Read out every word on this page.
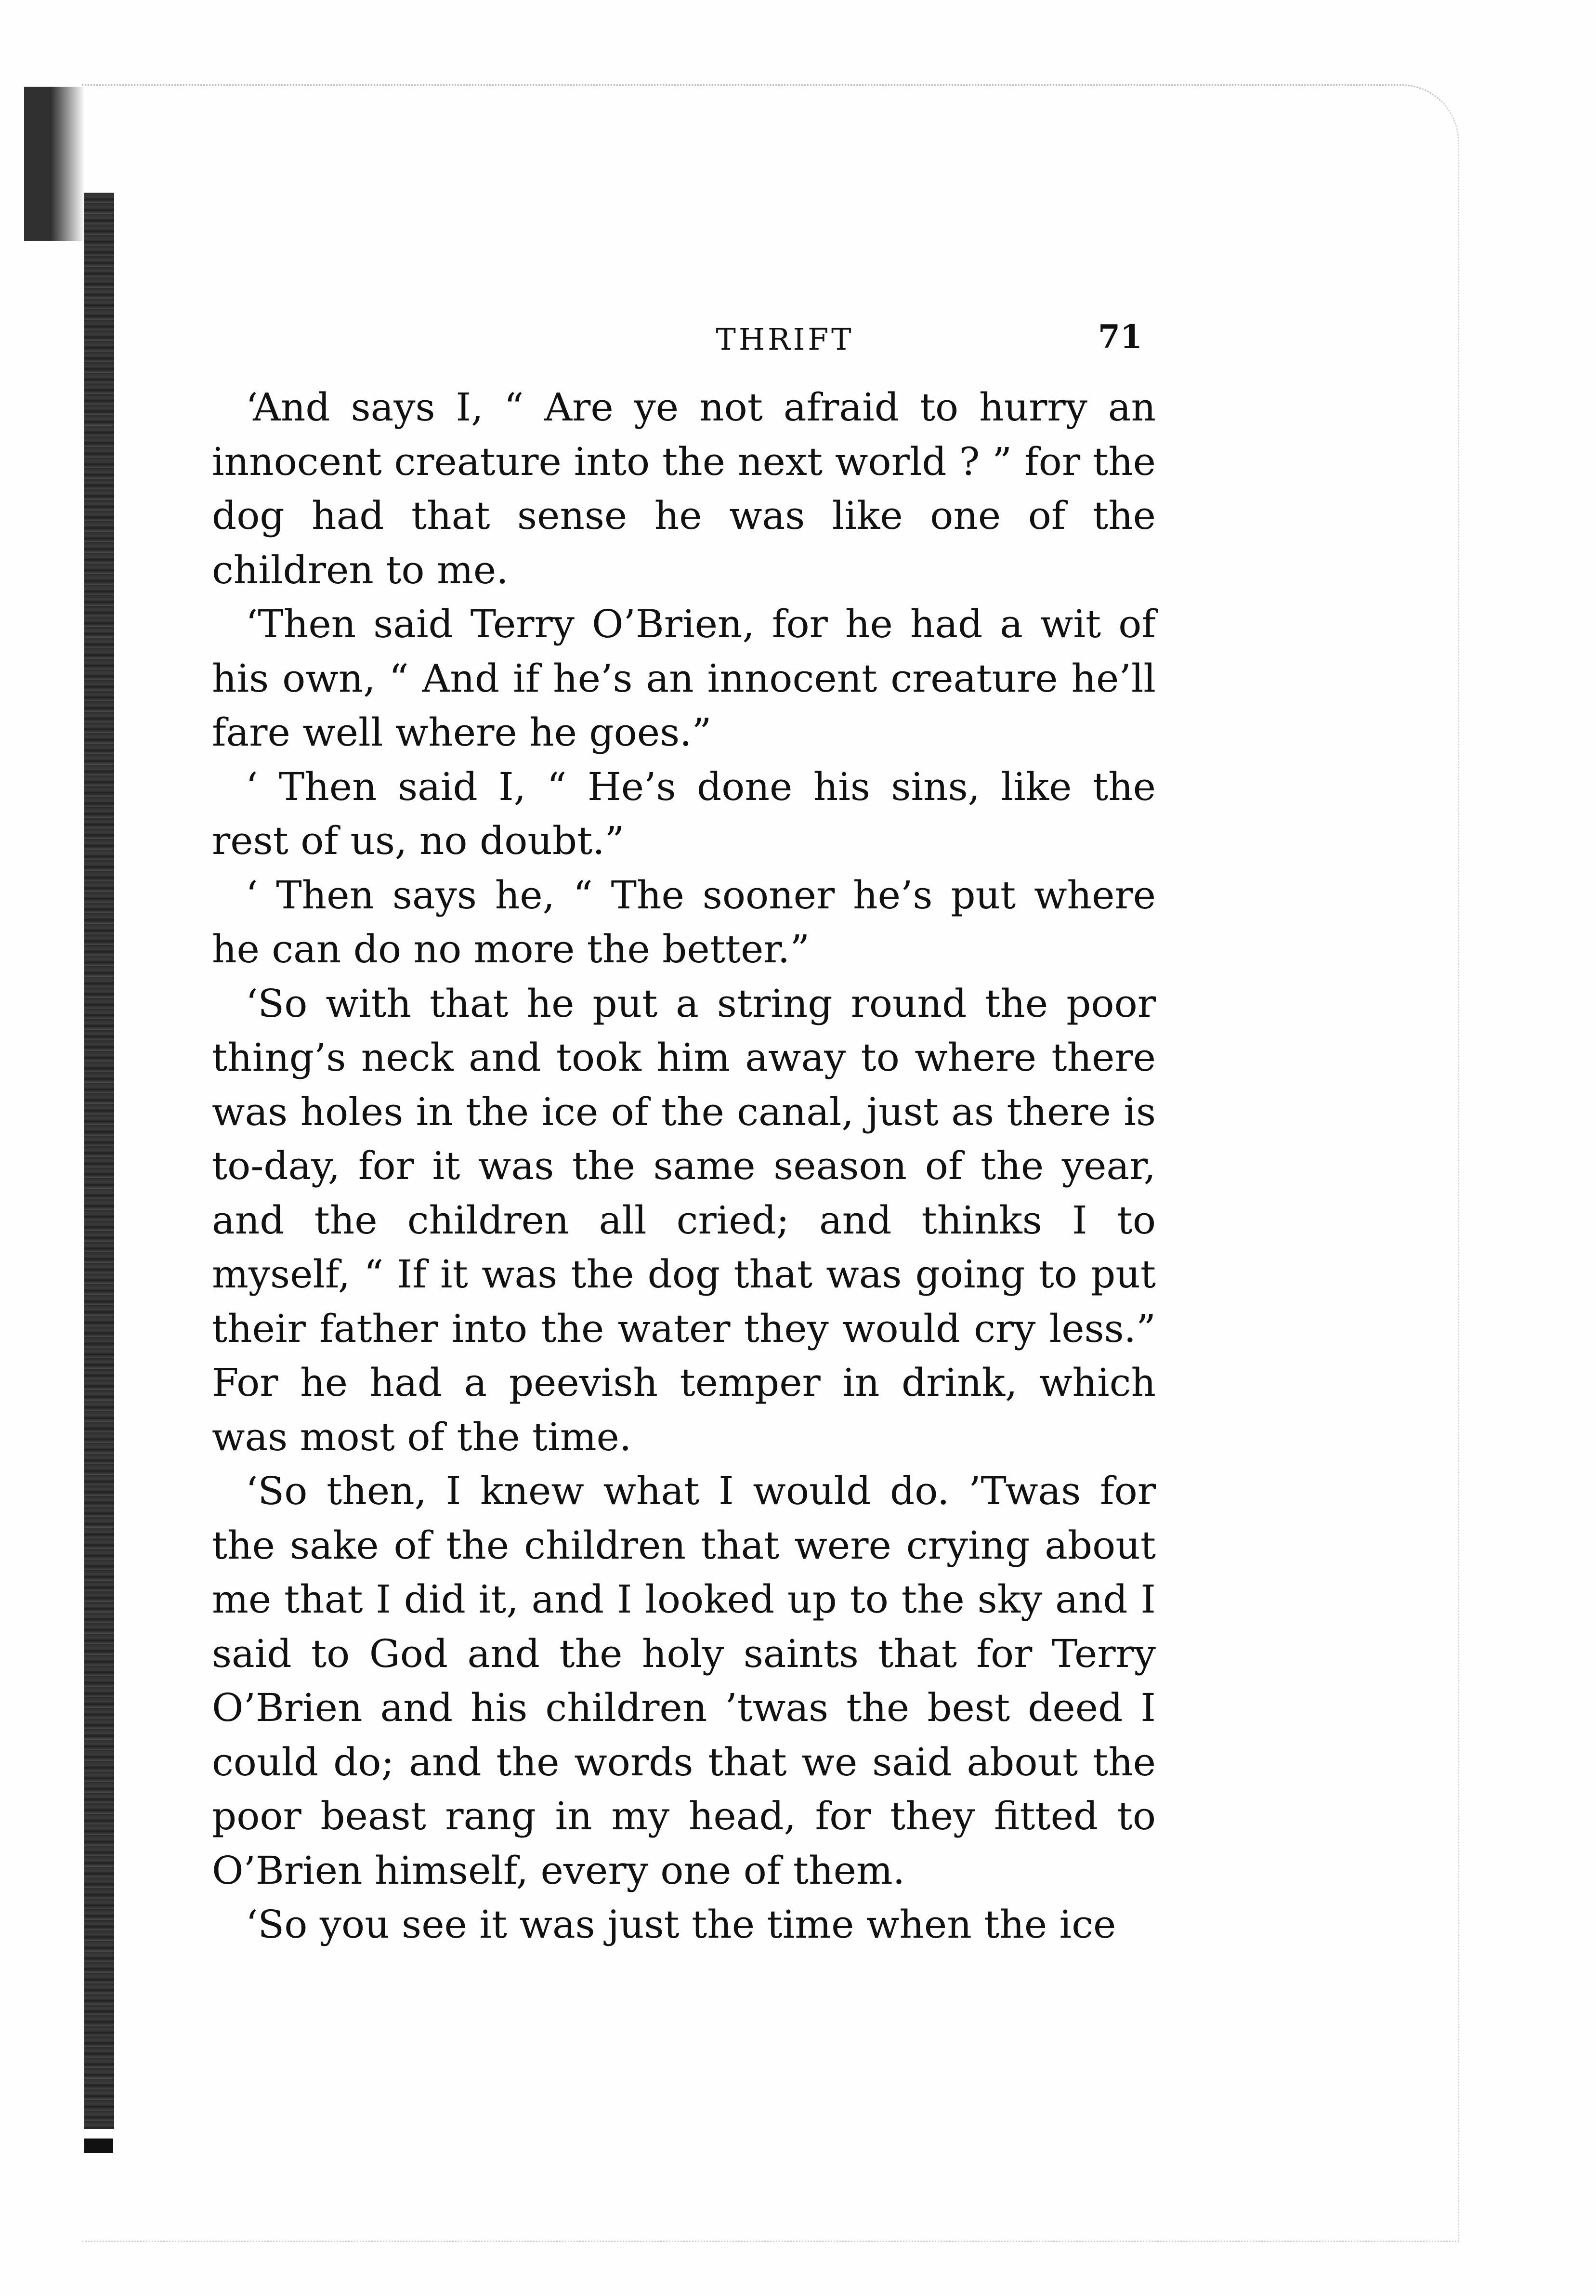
THRIFT	71

‘And says I, “ Are ye not afraid to hurry an innocent creature into the next world ? ” for the dog had that sense he was like one of the children to me.

‘Then said Terry O’Brien, for he had a wit of his own, “ And if he’s an innocent creature he’ll fare well where he goes.”

‘ Then said I, “ He’s done his sins, like the rest of us, no doubt.”

‘ Then says he, “ The sooner he’s put where he can do no more the better.”

‘So with that he put a string round the poor thing’s neck and took him away to where there was holes in the ice of the canal, just as there is to-day, for it was the same season of the year, and the children all cried; and thinks I to myself, “ If it was the dog that was going to put their father into the water they would cry less.” For he had a peevish temper in drink, which was most of the time.

‘So then, I knew what I would do. ’Twas for the sake of the children that were crying about me that I did it, and I looked up to the sky and I said to God and the holy saints that for Terry O’Brien and his children ’twas the best deed I could do; and the words that we said about the poor beast rang in my head, for they fitted to O’Brien himself, every one of them.

‘So you see it was just the time when the ice
